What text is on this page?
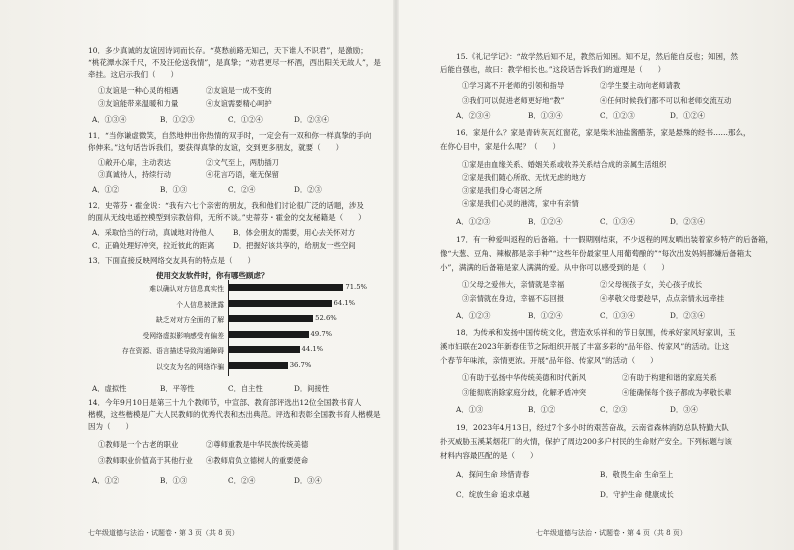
10．多少真诚的友谊因诗词而长存。“莫愁前路无知己，天下谁人不识君”，是激励；
“桃花潭水深千尺，不及汪伦送我情”，是真挚；“劝君更尽一杯酒，西出阳关无故人”，是
牵挂。这启示我们（　　）
①友谊是一种心灵的相遇	②友谊是一成不变的
③友谊能带来温暖和力量	④友谊需要精心呵护
A．①③④	B．①②③	C．①②④	D．②③④
11．“当你谦虚微笑，自然地伸出你热情的双手时，一定会有一双和你一样真挚的手向
你伸来。”这句话告诉我们，要获得真挚的友谊，交到更多朋友，就要（　　）
①敞开心扉，主动表达	②文气至上，两肋插刀
③真诚待人，持续行动	④花言巧语，毫无保留
A．①②	B．①③	C．②④	D．②③
12．史蒂芬・霍金说：“我有六七个亲密的朋友，我和他们讨论很广泛的话题，涉及
的面从无线电遥控模型到宗教信仰，无所不谈。”史蒂芬・霍金的交友秘籍是（　　）
A．采取恰当的行动，真诚地对待他人	B．体会朋友的需要，用心去关怀对方
C．正确处理好冲突，拉近彼此的距离	D．把握好该共享的，给朋友一些空间
13．下面直接反映网络交友具有的特点是（　　）
使用交友软件时，你有哪些顾虑？
难以确认对方信息真实性	71.5%
个人信息被泄露	64.1%
缺乏对对方全面的了解	52.6%
受网络虚拟影响感受有偏差	49.7%
存在资源、语言描述导致沟通障碍	44.1%
以交友为名的网络诈骗	36.7%
A．虚拟性	B．平等性	C．自主性	D．间接性
14．今年9月10日是第三十九个教师节，中宣部、教育部评选出12位全国教书育人
楷模，这些楷模是广大人民教师的优秀代表和杰出典范。评选和表彰全国教书育人楷模是
因为（　　）
①教师是一个古老的职业	②尊师重教是中华民族传统美德
③教师职业价值高于其他行业 ④教师肩负立德树人的重要使命
A．①②	B．①③	C．②④	D．③④
七年级道德与法治・试题卷・第 3 页（共 8 页）
15.《礼记学记》：“故学然后知不足，教然后知困。知不足，然后能自反也；知困，然
后能自强也，故曰：教学相长也。”这段话告诉我们的道理是（　　）
①学习离不开老师的引领和指导	②学生要主动向老师请教
③我们可以促进老师更好地“教”	④任何时候我们都不可以和老师交流互动
A．②③④	B．①③④	C．①②③	D．①②④
16．家是什么？家是青砖灰瓦红窗花，家是柴米油盐酱醋茶，家是悬殊的经书……那么，
在你心目中，家是什么呢？（　　）
①家是由血缘关系、婚姻关系或收养关系结合成的亲属生活组织
②家是我们随心所欲、无忧无虑的地方
③家是我们身心寄居之所
④家是我们心灵的港湾，家中有亲情
A．①②③	B．①②④	C．①③④	D．②③④
17．有一种爱叫返程的后备箱。十一假期刚结束，不少返程的网友晒出装着家乡特产的后备箱，
像“大葱、豆角、辣椒都是亲手种”“这些年份最家里人用葡萄酿的”“每次出发妈妈都嫌后备箱太
小”，满满的后备箱是家人满满的爱。从中你可以感受到的是（　　）
①父母之爱伟大，亲情就是幸福	②父母视孩子女，关心孩子成长
③亲情就在身边，幸福不忘回报	④孝敬父母要趁早，点点亲情永远牵挂
A．①②③	B．①②④	C．①③④	D．②③④
18．为传承和发扬中国传统文化，营造欢乐祥和的节日氛围，传承好家风好家训，玉
溪市妇联在2023年新春佳节之际组织开展了丰富多彩的“品年俗、传家风”的活动。让这
个春节年味浓，亲情更浓。开展“品年俗、传家风”的活动（　　）
①有助于弘扬中华传统美德和时代新风	②有助于构建和谐的家庭关系
③能彻底消除家庭分歧，化解矛盾冲突	④能确保每个孩子都成为孝敬长辈
A．①③	B．①②	C．②③	D．③④
19．2023年4月13日，经过7个多小时的艰苦奋战，云南省森林消防总队特勤大队
扑灭威胁玉溪某烟花厂的火情，保护了周边200多户村民的生命财产安全。下列标题与该
材料内容最匹配的是（　　）
A．探问生命 珍惜青春	B．敬畏生命 生命至上
C．绽放生命 追求卓越	D．守护生命 健康成长
七年级道德与法治・试题卷・第 4 页（共 8 页）
